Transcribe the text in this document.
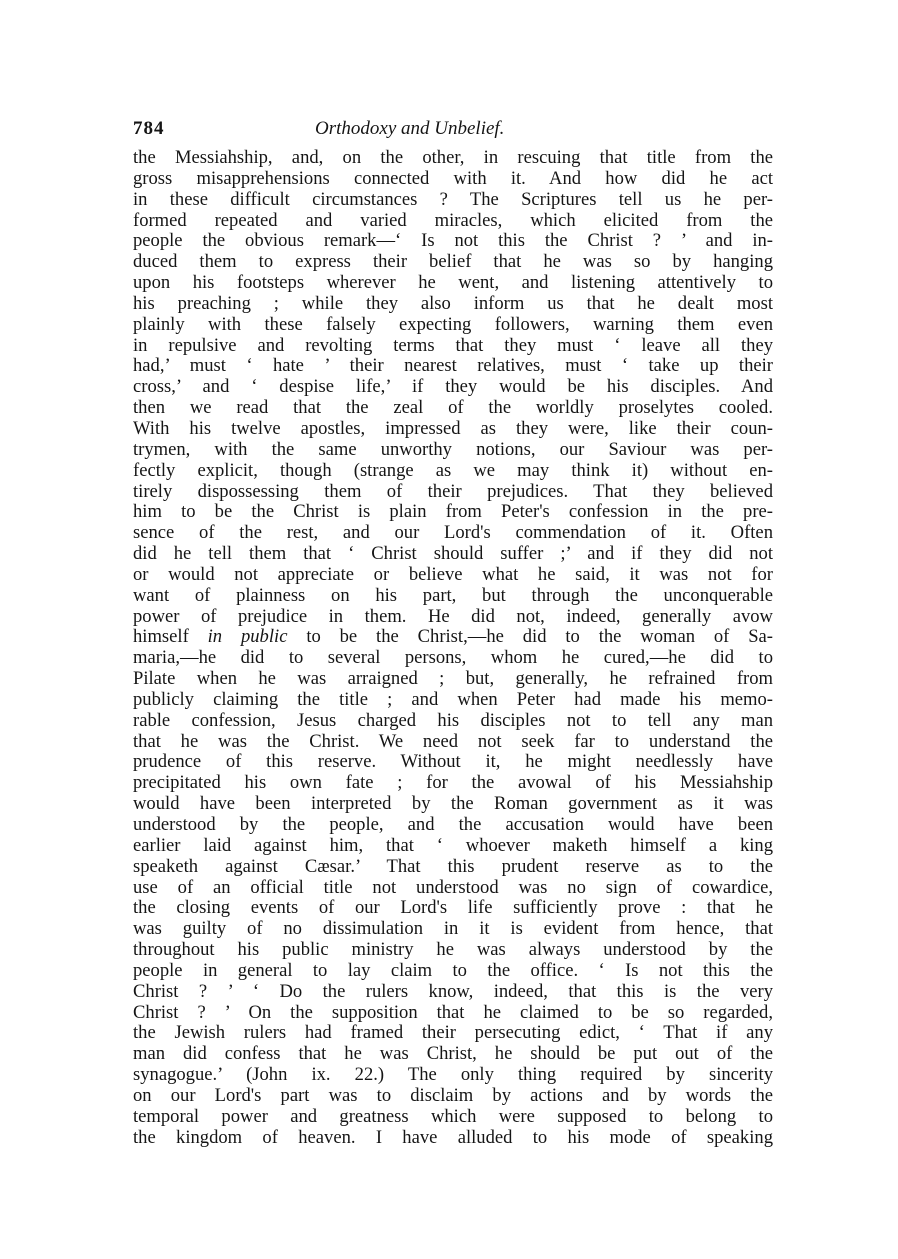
784	Orthodoxy and Unbelief.
the Messiahship, and, on the other, in rescuing that title from the
gross misapprehensions connected with it. And how did he act
in these difficult circumstances ? The Scriptures tell us he per-
formed repeated and varied miracles, which elicited from the
people the obvious remark—‘ Is not this the Christ ? ’ and in-
duced them to express their belief that he was so by hanging
upon his footsteps wherever he went, and listening attentively to
his preaching ; while they also inform us that he dealt most
plainly with these falsely expecting followers, warning them even
in repulsive and revolting terms that they must ‘ leave all they
had,’ must ‘ hate ’ their nearest relatives, must ‘ take up their
cross,’ and ‘ despise life,’ if they would be his disciples. And
then we read that the zeal of the worldly proselytes cooled.
With his twelve apostles, impressed as they were, like their coun-
trymen, with the same unworthy notions, our Saviour was per-
fectly explicit, though (strange as we may think it) without en-
tirely dispossessing them of their prejudices. That they believed
him to be the Christ is plain from Peter's confession in the pre-
sence of the rest, and our Lord's commendation of it. Often
did he tell them that ‘ Christ should suffer ;’ and if they did not
or would not appreciate or believe what he said, it was not for
want of plainness on his part, but through the unconquerable
power of prejudice in them. He did not, indeed, generally avow
himself in public to be the Christ,—he did to the woman of Sa-
maria,—he did to several persons, whom he cured,—he did to
Pilate when he was arraigned ; but, generally, he refrained from
publicly claiming the title ; and when Peter had made his memo-
rable confession, Jesus charged his disciples not to tell any man
that he was the Christ. We need not seek far to understand the
prudence of this reserve. Without it, he might needlessly have
precipitated his own fate ; for the avowal of his Messiahship
would have been interpreted by the Roman government as it was
understood by the people, and the accusation would have been
earlier laid against him, that ‘ whoever maketh himself a king
speaketh against Cæsar.’ That this prudent reserve as to the
use of an official title not understood was no sign of cowardice,
the closing events of our Lord's life sufficiently prove : that he
was guilty of no dissimulation in it is evident from hence, that
throughout his public ministry he was always understood by the
people in general to lay claim to the office. ‘ Is not this the
Christ ? ’ ‘ Do the rulers know, indeed, that this is the very
Christ ? ’ On the supposition that he claimed to be so regarded,
the Jewish rulers had framed their persecuting edict, ‘ That if any
man did confess that he was Christ, he should be put out of the
synagogue.’ (John ix. 22.) The only thing required by sincerity
on our Lord's part was to disclaim by actions and by words the
temporal power and greatness which were supposed to belong to
the kingdom of heaven. I have alluded to his mode of speaking
